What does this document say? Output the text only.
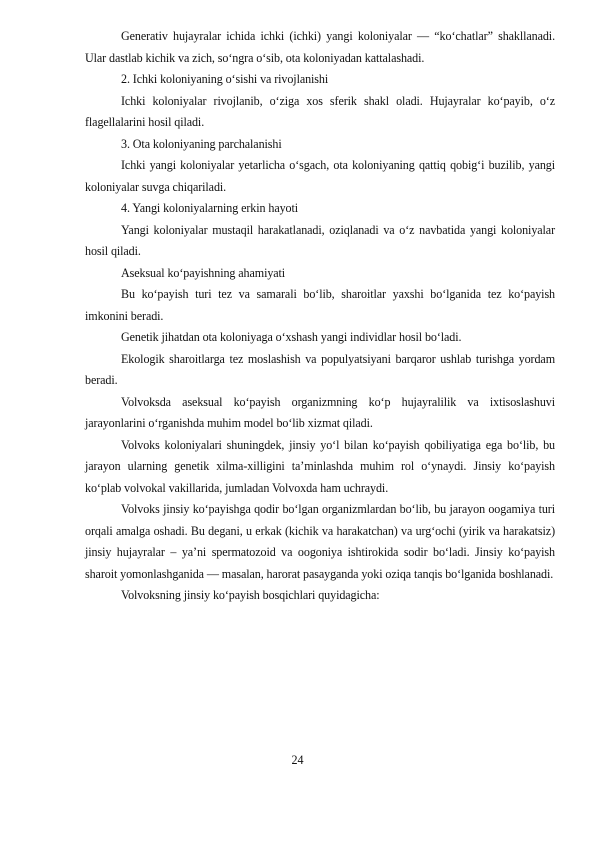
Generativ hujayralar ichida ichki (ichki) yangi koloniyalar — “ko‘chatlar” shakllanadi. Ular dastlab kichik va zich, so‘ngra o‘sib, ota koloniyadan kattalashadi.

2. Ichki koloniyaning o‘sishi va rivojlanishi

Ichki koloniyalar rivojlanib, o‘ziga xos sferik shakl oladi. Hujayralar ko‘payib, o‘z flagellalarini hosil qiladi.

3. Ota koloniyaning parchalanishi

Ichki yangi koloniyalar yetarlicha o‘sgach, ota koloniyaning qattiq qobig‘i buzilib, yangi koloniyalar suvga chiqariladi.

4. Yangi koloniyalarning erkin hayoti

Yangi koloniyalar mustaqil harakatlanadi, oziqlanadi va o‘z navbatida yangi koloniyalar hosil qiladi.

Aseksual ko‘payishning ahamiyati

Bu ko‘payish turi tez va samarali bo‘lib, sharoitlar yaxshi bo‘lganida tez ko‘payish imkonini beradi.

Genetik jihatdan ota koloniyaga o‘xshash yangi individlar hosil bo‘ladi.

Ekologik sharoitlarga tez moslashish va populyatsiyani barqaror ushlab turishga yordam beradi.

Volvoksda aseksual ko‘payish organizmning ko‘p hujayralilik va ixtisoslashuvi jarayonlarini o‘rganishda muhim model bo‘lib xizmat qiladi.

Volvoks koloniyalari shuningdek, jinsiy yo‘l bilan ko‘payish qobiliyatiga ega bo‘lib, bu jarayon ularning genetik xilma-xilligini ta’minlashda muhim rol o‘ynaydi. Jinsiy ko‘payish ko‘plab volvokal vakillarida, jumladan Volvoxda ham uchraydi.

Volvoks jinsiy ko‘payishga qodir bo‘lgan organizmlardan bo‘lib, bu jarayon oogamiya turi orqali amalga oshadi. Bu degani, u erkak (kichik va harakatchan) va urg‘ochi (yirik va harakatsiz) jinsiy hujayralar – ya’ni spermatozoid va oogoniya ishtirokida sodir bo‘ladi. Jinsiy ko‘payish sharoit yomonlashganida — masalan, harorat pasayganda yoki oziqa tanqis bo‘lganida boshlanadi.

Volvoksning jinsiy ko‘payish bosqichlari quyidagicha:

24
